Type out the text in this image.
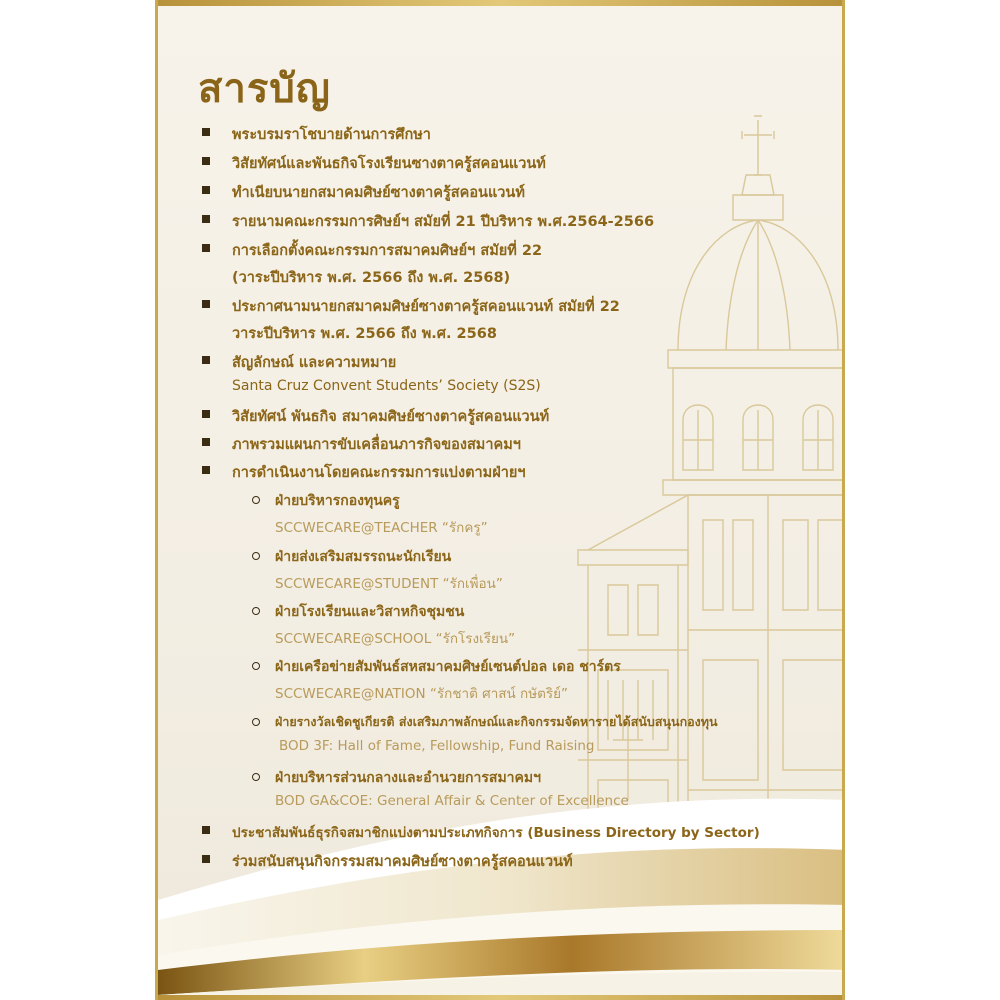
สารบัญ
พระบรมราโชบายด้านการศึกษา
วิสัยทัศน์และพันธกิจโรงเรียนซางตาครู้สคอนแวนท์
ทำเนียบนายกสมาคมศิษย์ซางตาครู้สคอนแวนท์
รายนามคณะกรรมการศิษย์ฯ สมัยที่ 21 ปีบริหาร พ.ศ.2564-2566
การเลือกตั้งคณะกรรมการสมาคมศิษย์ฯ สมัยที่ 22
(วาระปีบริหาร พ.ศ. 2566 ถึง พ.ศ. 2568)
ประกาศนามนายกสมาคมศิษย์ซางตาครู้สคอนแวนท์ สมัยที่ 22
วาระปีบริหาร พ.ศ. 2566 ถึง พ.ศ. 2568
สัญลักษณ์ และความหมาย
Santa Cruz Convent Students’ Society (S2S)
วิสัยทัศน์ พันธกิจ สมาคมศิษย์ซางตาครู้สคอนแวนท์
ภาพรวมแผนการขับเคลื่อนภารกิจของสมาคมฯ
การดำเนินงานโดยคณะกรรมการแบ่งตามฝ่ายฯ
ฝ่ายบริหารกองทุนครู
SCCWECARE@TEACHER “รักครู”
ฝ่ายส่งเสริมสมรรถนะนักเรียน
SCCWECARE@STUDENT “รักเพื่อน”
ฝ่ายโรงเรียนและวิสาหกิจชุมชน
SCCWECARE@SCHOOL “รักโรงเรียน”
ฝ่ายเครือข่ายสัมพันธ์สหสมาคมศิษย์เซนต์ปอล เดอ ชาร์ตร
SCCWECARE@NATION “รักชาติ ศาสน์ กษัตริย์”
ฝ่ายรางวัลเชิดชูเกียรติ ส่งเสริมภาพลักษณ์และกิจกรรมจัดหารายได้สนับสนุนกองทุน
BOD 3F: Hall of Fame, Fellowship, Fund Raising
ฝ่ายบริหารส่วนกลางและอำนวยการสมาคมฯ
BOD GA&COE: General Affair & Center of Excellence
ประชาสัมพันธ์ธุรกิจสมาชิกแบ่งตามประเภทกิจการ (Business Directory by Sector)
ร่วมสนับสนุนกิจกรรมสมาคมศิษย์ซางตาครู้สคอนแวนท์
